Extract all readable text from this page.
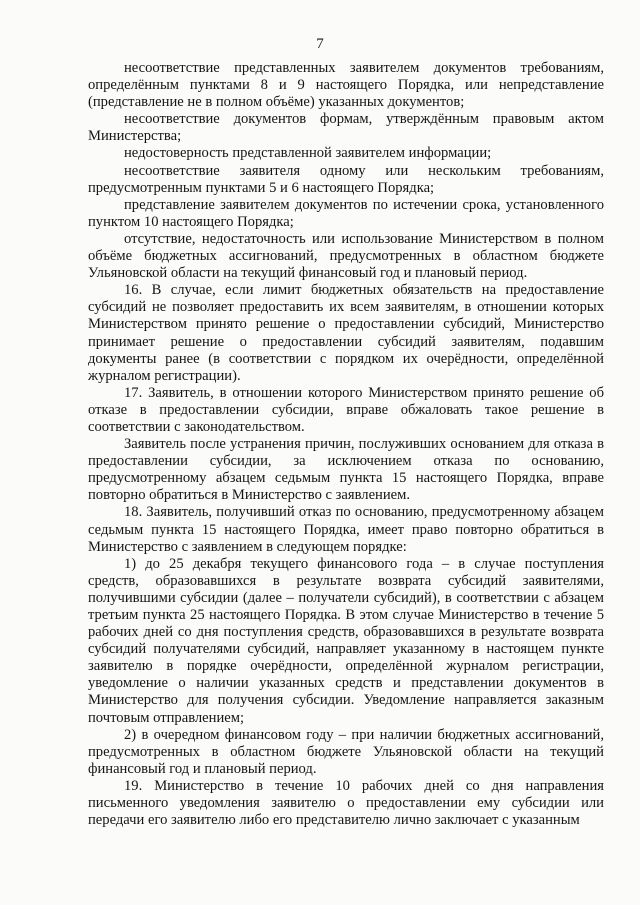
7

несоответствие представленных заявителем документов требованиям, определённым пунктами 8 и 9 настоящего Порядка, или непредставление (представление не в полном объёме) указанных документов;

несоответствие документов формам, утверждённым правовым актом Министерства;

недостоверность представленной заявителем информации;

несоответствие заявителя одному или нескольким требованиям, предусмотренным пунктами 5 и 6 настоящего Порядка;

представление заявителем документов по истечении срока, установленного пунктом 10 настоящего Порядка;

отсутствие, недостаточность или использование Министерством в полном объёме бюджетных ассигнований, предусмотренных в областном бюджете Ульяновской области на текущий финансовый год и плановый период.

16. В случае, если лимит бюджетных обязательств на предоставление субсидий не позволяет предоставить их всем заявителям, в отношении которых Министерством принято решение о предоставлении субсидий, Министерство принимает решение о предоставлении субсидий заявителям, подавшим документы ранее (в соответствии с порядком их очерёдности, определённой журналом регистрации).

17. Заявитель, в отношении которого Министерством принято решение об отказе в предоставлении субсидии, вправе обжаловать такое решение в соответствии с законодательством.

Заявитель после устранения причин, послуживших основанием для отказа в предоставлении субсидии, за исключением отказа по основанию, предусмотренному абзацем седьмым пункта 15 настоящего Порядка, вправе повторно обратиться в Министерство с заявлением.

18. Заявитель, получивший отказ по основанию, предусмотренному абзацем седьмым пункта 15 настоящего Порядка, имеет право повторно обратиться в Министерство с заявлением в следующем порядке:

1) до 25 декабря текущего финансового года – в случае поступления средств, образовавшихся в результате возврата субсидий заявителями, получившими субсидии (далее – получатели субсидий), в соответствии с абзацем третьим пункта 25 настоящего Порядка. В этом случае Министерство в течение 5 рабочих дней со дня поступления средств, образовавшихся в результате возврата субсидий получателями субсидий, направляет указанному в настоящем пункте заявителю в порядке очерёдности, определённой журналом регистрации, уведомление о наличии указанных средств и представлении документов в Министерство для получения субсидии. Уведомление направляется заказным почтовым отправлением;

2) в очередном финансовом году – при наличии бюджетных ассигнований, предусмотренных в областном бюджете Ульяновской области на текущий финансовый год и плановый период.

19. Министерство в течение 10 рабочих дней со дня направления письменного уведомления заявителю о предоставлении ему субсидии или передачи его заявителю либо его представителю лично заключает с указанным
